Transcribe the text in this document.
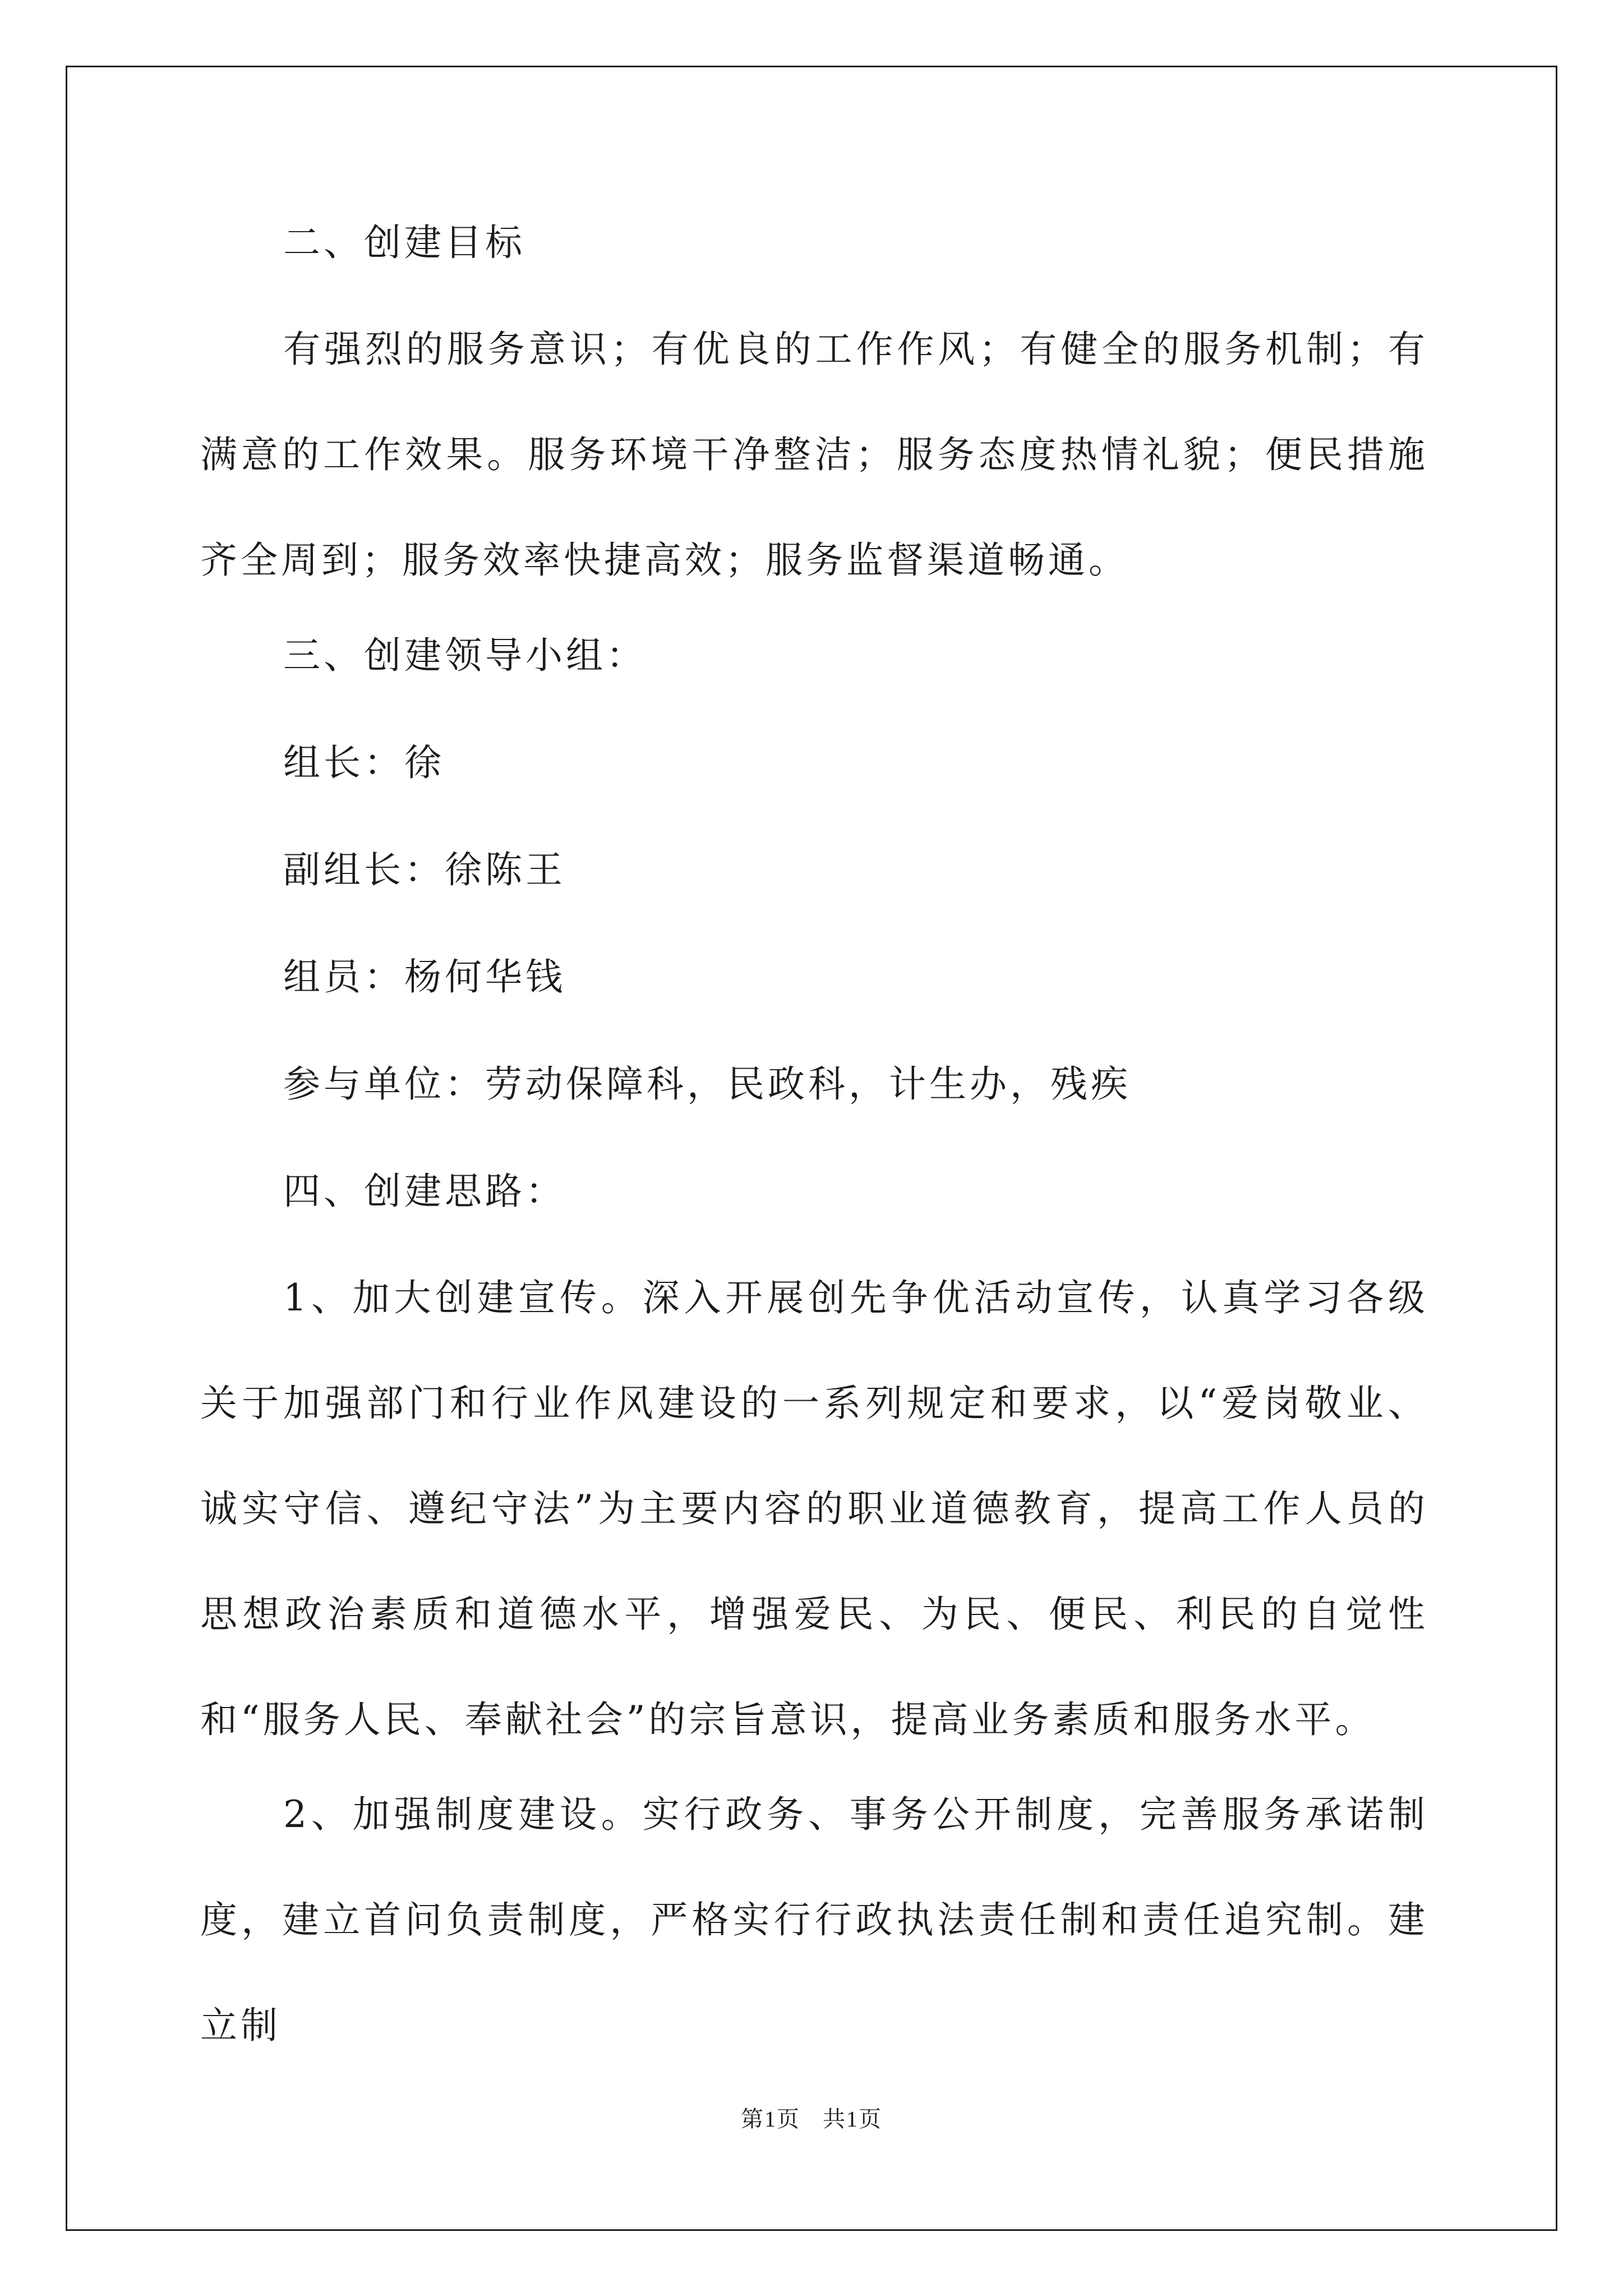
二、创建目标

有强烈的服务意识；有优良的工作作风；有健全的服务机制；有满意的工作效果。服务环境干净整洁；服务态度热情礼貌；便民措施齐全周到；服务效率快捷高效；服务监督渠道畅通。

三、创建领导小组：

组长：徐

副组长：徐陈王

组员：杨何华钱

参与单位：劳动保障科，民政科，计生办，残疾

四、创建思路：

1、加大创建宣传。深入开展创先争优活动宣传，认真学习各级关于加强部门和行业作风建设的一系列规定和要求，以“爱岗敬业、诚实守信、遵纪守法”为主要内容的职业道德教育，提高工作人员的思想政治素质和道德水平，增强爱民、为民、便民、利民的自觉性和“服务人民、奉献社会”的宗旨意识，提高业务素质和服务水平。

2、加强制度建设。实行政务、事务公开制度，完善服务承诺制度，建立首问负责制度，严格实行行政执法责任制和责任追究制。建立制

第1页 共1页
